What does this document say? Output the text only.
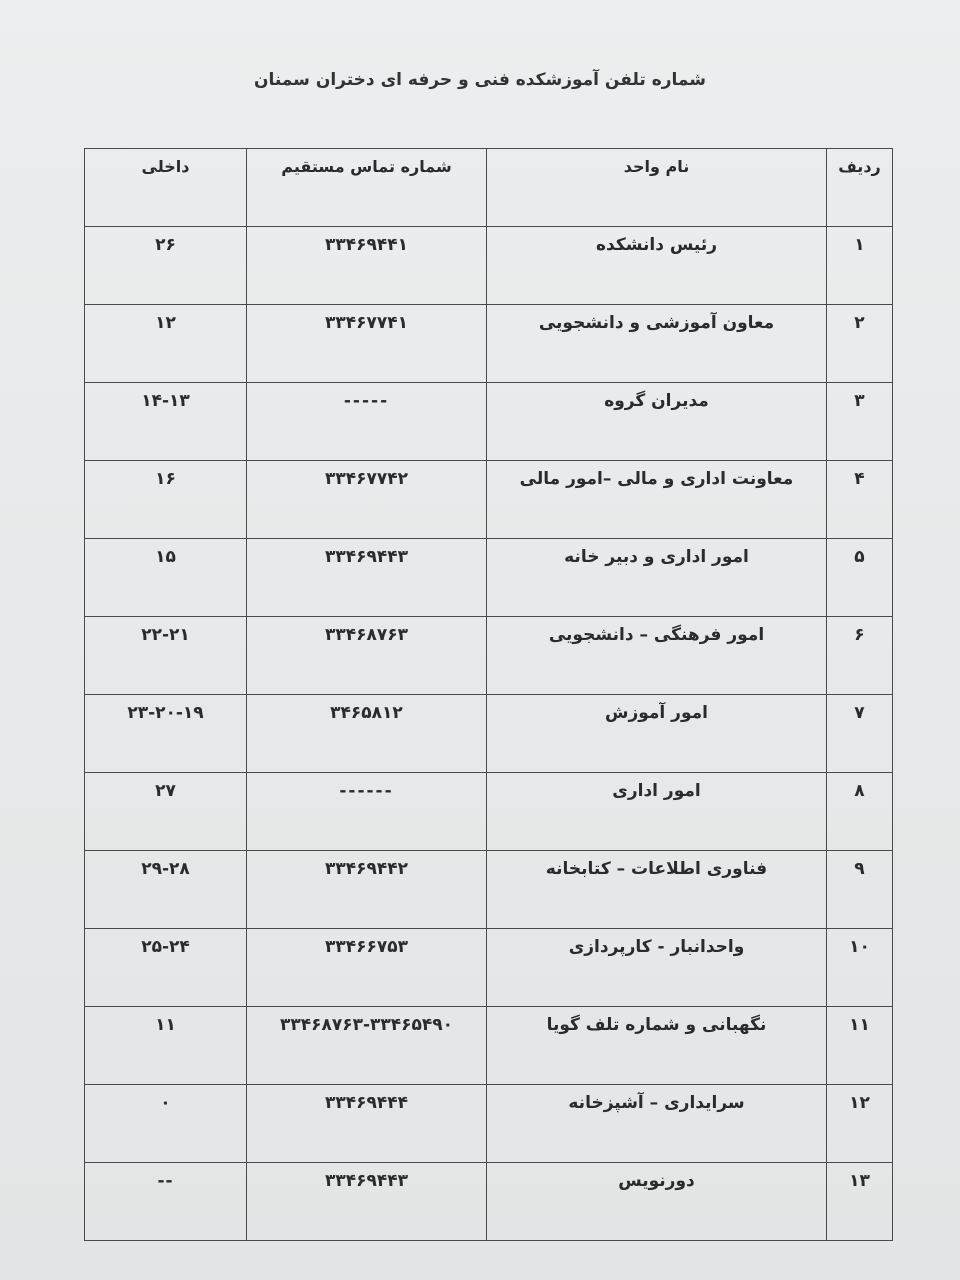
شماره تلفن آموزشکده فنی و حرفه ای دختران سمنان
ردیف	نام واحد	شماره تماس مستقیم	داخلی
۱	رئیس دانشکده	۳۳۴۶۹۴۴۱	۲۶
۲	معاون آموزشی و دانشجویی	۳۳۴۶۷۷۴۱	۱۲
۳	مدیران گروه	-----	۱۴-۱۳
۴	معاونت اداری و مالی –امور مالی	۳۳۴۶۷۷۴۲	۱۶
۵	امور اداری و دبیر خانه	۳۳۴۶۹۴۴۳	۱۵
۶	امور فرهنگی – دانشجویی	۳۳۴۶۸۷۶۳	۲۲-۲۱
۷	امور آموزش	۳۴۶۵۸۱۲	۲۳-۲۰-۱۹
۸	امور اداری	------	۲۷
۹	فناوری اطلاعات – کتابخانه	۳۳۴۶۹۴۴۲	۲۹-۲۸
۱۰	واحدانبار - کارپردازی	۳۳۴۶۶۷۵۳	۲۵-۲۴
۱۱	نگهبانی و شماره تلف گویا	۳۳۴۶۸۷۶۳-۳۳۴۶۵۴۹۰	۱۱
۱۲	سرایداری – آشپزخانه	۳۳۴۶۹۴۴۴	۰
۱۳	دورنویس	۳۳۴۶۹۴۴۳	--
